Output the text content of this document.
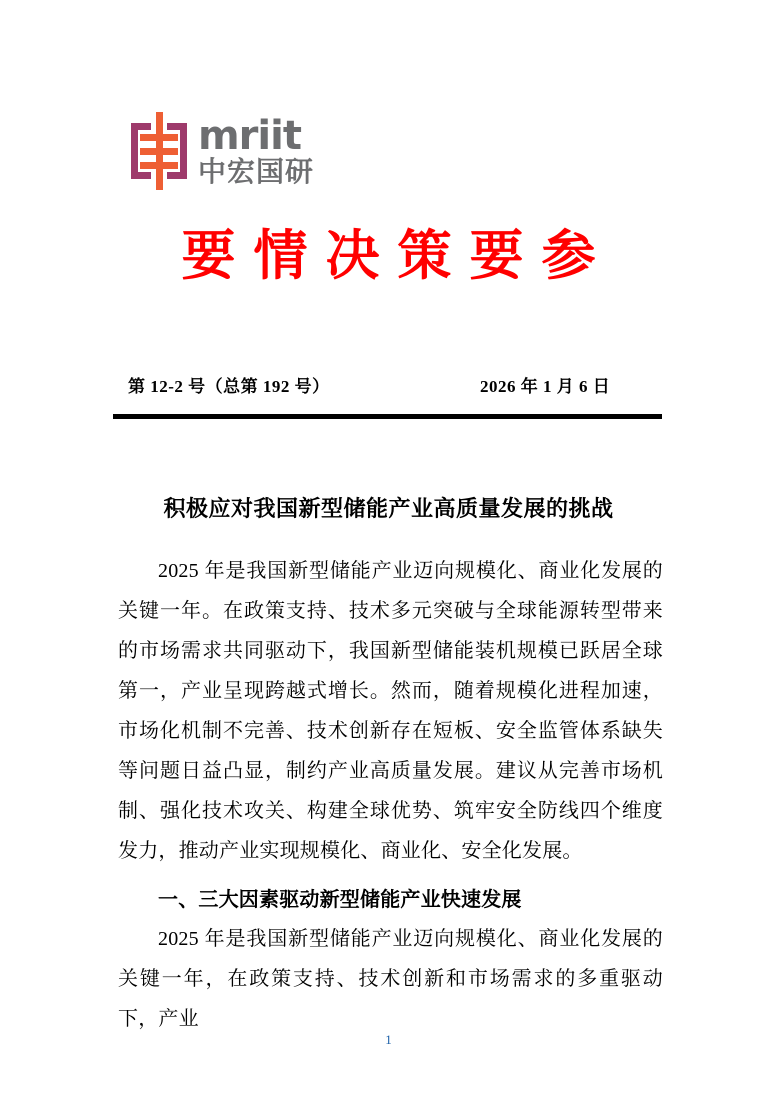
mriit
中宏国研
要情决策要参
第 12-2 号（总第 192 号）	2026 年 1 月 6 日
积极应对我国新型储能产业高质量发展的挑战

2025 年是我国新型储能产业迈向规模化、商业化发展的关键一年。在政策支持、技术多元突破与全球能源转型带来的市场需求共同驱动下，我国新型储能装机规模已跃居全球第一，产业呈现跨越式增长。然而，随着规模化进程加速，市场化机制不完善、技术创新存在短板、安全监管体系缺失等问题日益凸显，制约产业高质量发展。建议从完善市场机制、强化技术攻关、构建全球优势、筑牢安全防线四个维度发力，推动产业实现规模化、商业化、安全化发展。

一、三大因素驱动新型储能产业快速发展

2025 年是我国新型储能产业迈向规模化、商业化发展的关键一年，在政策支持、技术创新和市场需求的多重驱动下，产业

1
